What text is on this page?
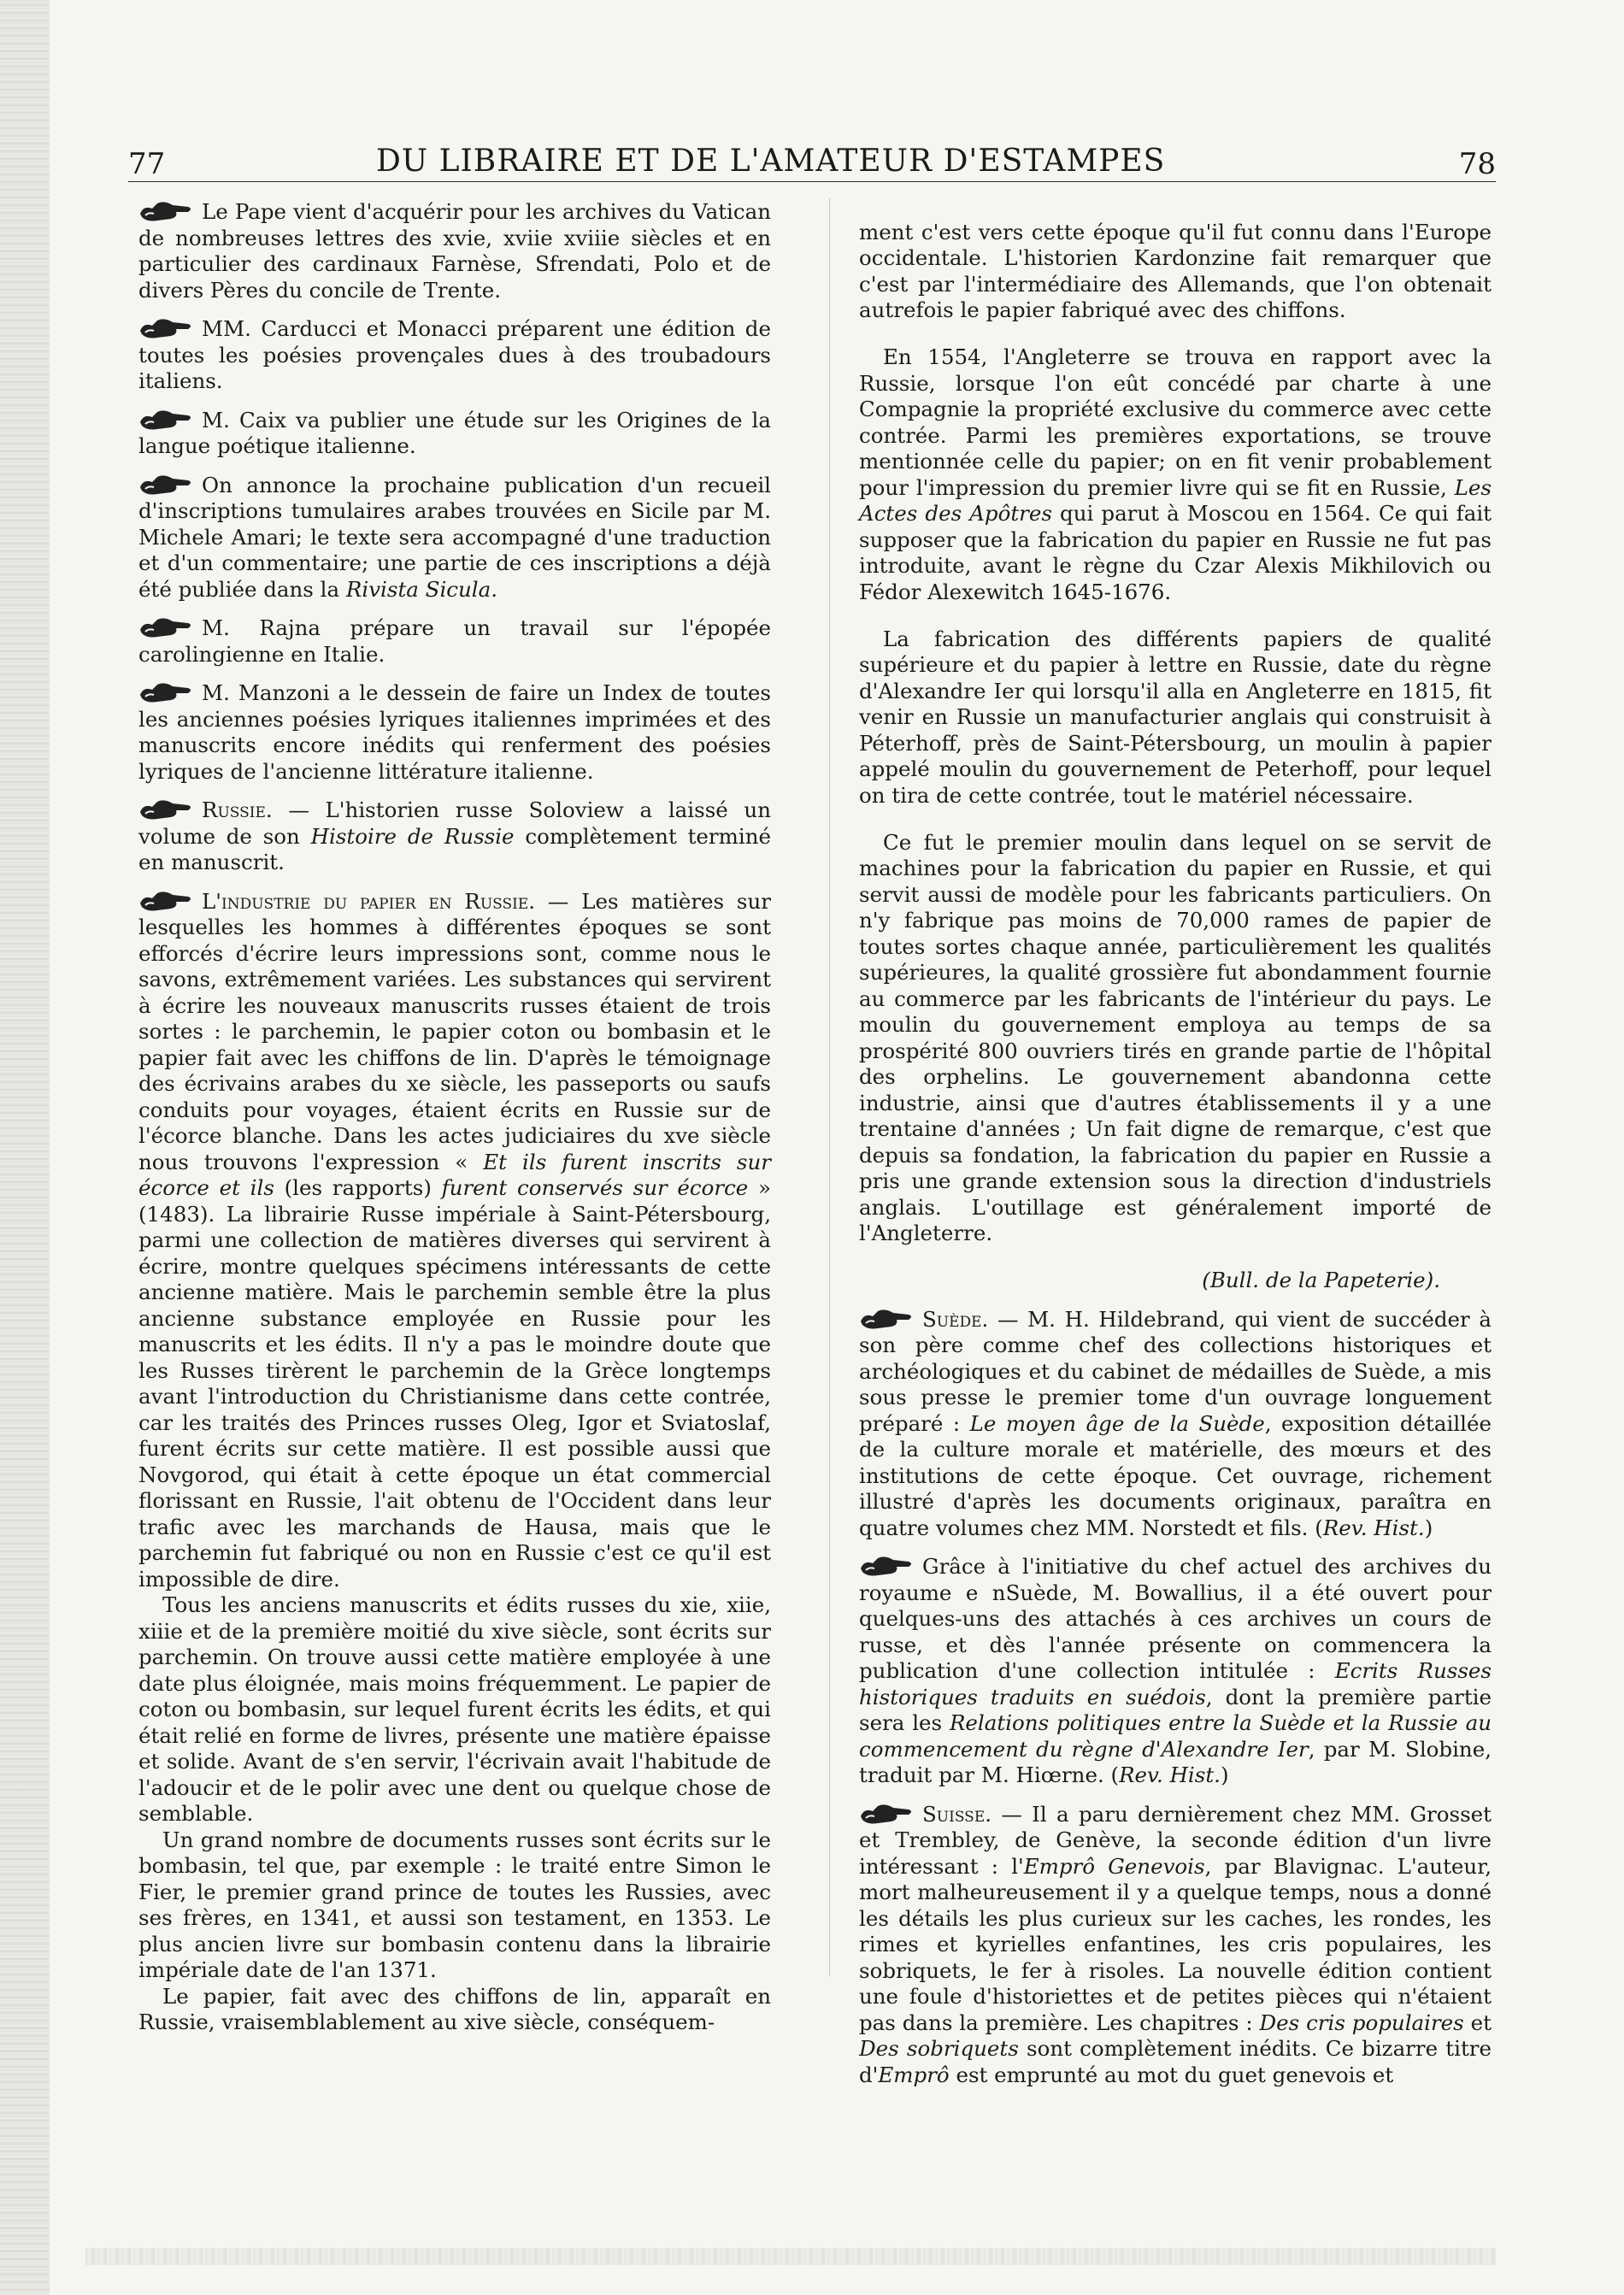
77	DU LIBRAIRE ET DE L'AMATEUR D'ESTAMPES	78

Le Pape vient d'acquérir pour les archives du Vatican de nombreuses lettres des xvie, xviie xviiie siècles et en particulier des cardinaux Farnèse, Sfrendati, Polo et de divers Pères du concile de Trente.

MM. Carducci et Monacci préparent une édition de toutes les poésies provençales dues à des troubadours italiens.

M. Caix va publier une étude sur les Origines de la langue poétique italienne.

On annonce la prochaine publication d'un recueil d'inscriptions tumulaires arabes trouvées en Sicile par M. Michele Amari; le texte sera accompagné d'une traduction et d'un commentaire; une partie de ces inscriptions a déjà été publiée dans la Rivista Sicula.

M. Rajna prépare un travail sur l'épopée carolingienne en Italie.

M. Manzoni a le dessein de faire un Index de toutes les anciennes poésies lyriques italiennes imprimées et des manuscrits encore inédits qui renferment des poésies lyriques de l'ancienne littérature italienne.

Russie. — L'historien russe Soloview a laissé un volume de son Histoire de Russie complètement terminé en manuscrit.

L'industrie du papier en Russie. — Les matières sur lesquelles les hommes à différentes époques se sont efforcés d'écrire leurs impressions sont, comme nous le savons, extrêmement variées. Les substances qui servirent à écrire les nouveaux manuscrits russes étaient de trois sortes : le parchemin, le papier coton ou bombasin et le papier fait avec les chiffons de lin. D'après le témoignage des écrivains arabes du xe siècle, les passeports ou saufs conduits pour voyages, étaient écrits en Russie sur de l'écorce blanche. Dans les actes judiciaires du xve siècle nous trouvons l'expression « Et ils furent inscrits sur écorce et ils (les rapports) furent conservés sur écorce » (1483). La librairie Russe impériale à Saint-Pétersbourg, parmi une collection de matières diverses qui servirent à écrire, montre quelques spécimens intéressants de cette ancienne matière. Mais le parchemin semble être la plus ancienne substance employée en Russie pour les manuscrits et les édits. Il n'y a pas le moindre doute que les Russes tirèrent le parchemin de la Grèce longtemps avant l'introduction du Christianisme dans cette contrée, car les traités des Princes russes Oleg, Igor et Sviatoslaf, furent écrits sur cette matière. Il est possible aussi que Novgorod, qui était à cette époque un état commercial florissant en Russie, l'ait obtenu de l'Occident dans leur trafic avec les marchands de Hausa, mais que le parchemin fut fabriqué ou non en Russie c'est ce qu'il est impossible de dire.

Tous les anciens manuscrits et édits russes du xie, xiie, xiiie et de la première moitié du xive siècle, sont écrits sur parchemin. On trouve aussi cette matière employée à une date plus éloignée, mais moins fréquemment. Le papier de coton ou bombasin, sur lequel furent écrits les édits, et qui était relié en forme de livres, présente une matière épaisse et solide. Avant de s'en servir, l'écrivain avait l'habitude de l'adoucir et de le polir avec une dent ou quelque chose de semblable.

Un grand nombre de documents russes sont écrits sur le bombasin, tel que, par exemple : le traité entre Simon le Fier, le premier grand prince de toutes les Russies, avec ses frères, en 1341, et aussi son testament, en 1353. Le plus ancien livre sur bombasin contenu dans la librairie impériale date de l'an 1371.

Le papier, fait avec des chiffons de lin, apparaît en Russie, vraisemblablement au xive siècle, conséquem-

ment c'est vers cette époque qu'il fut connu dans l'Europe occidentale. L'historien Kardonzine fait remarquer que c'est par l'intermédiaire des Allemands, que l'on obtenait autrefois le papier fabriqué avec des chiffons.

En 1554, l'Angleterre se trouva en rapport avec la Russie, lorsque l'on eût concédé par charte à une Compagnie la propriété exclusive du commerce avec cette contrée. Parmi les premières exportations, se trouve mentionnée celle du papier; on en fit venir probablement pour l'impression du premier livre qui se fit en Russie, Les Actes des Apôtres qui parut à Moscou en 1564. Ce qui fait supposer que la fabrication du papier en Russie ne fut pas introduite, avant le règne du Czar Alexis Mikhilovich ou Fédor Alexewitch 1645-1676.

La fabrication des différents papiers de qualité supérieure et du papier à lettre en Russie, date du règne d'Alexandre Ier qui lorsqu'il alla en Angleterre en 1815, fit venir en Russie un manufacturier anglais qui construisit à Péterhoff, près de Saint-Pétersbourg, un moulin à papier appelé moulin du gouvernement de Peterhoff, pour lequel on tira de cette contrée, tout le matériel nécessaire.

Ce fut le premier moulin dans lequel on se servit de machines pour la fabrication du papier en Russie, et qui servit aussi de modèle pour les fabricants particuliers. On n'y fabrique pas moins de 70,000 rames de papier de toutes sortes chaque année, particulièrement les qualités supérieures, la qualité grossière fut abondamment fournie au commerce par les fabricants de l'intérieur du pays. Le moulin du gouvernement employa au temps de sa prospérité 800 ouvriers tirés en grande partie de l'hôpital des orphelins. Le gouvernement abandonna cette industrie, ainsi que d'autres établissements il y a une trentaine d'années ; Un fait digne de remarque, c'est que depuis sa fondation, la fabrication du papier en Russie a pris une grande extension sous la direction d'industriels anglais. L'outillage est généralement importé de l'Angleterre.

(Bull. de la Papeterie).

Suède. — M. H. Hildebrand, qui vient de succéder à son père comme chef des collections historiques et archéologiques et du cabinet de médailles de Suède, a mis sous presse le premier tome d'un ouvrage longuement préparé : Le moyen âge de la Suède, exposition détaillée de la culture morale et matérielle, des mœurs et des institutions de cette époque. Cet ouvrage, richement illustré d'après les documents originaux, paraîtra en quatre volumes chez MM. Norstedt et fils. (Rev. Hist.)

Grâce à l'initiative du chef actuel des archives du royaume e nSuède, M. Bowallius, il a été ouvert pour quelques-uns des attachés à ces archives un cours de russe, et dès l'année présente on commencera la publication d'une collection intitulée : Ecrits Russes historiques traduits en suédois, dont la première partie sera les Relations politiques entre la Suède et la Russie au commencement du règne d'Alexandre Ier, par M. Slobine, traduit par M. Hiœrne. (Rev. Hist.)

Suisse. — Il a paru dernièrement chez MM. Grosset et Trembley, de Genève, la seconde édition d'un livre intéressant : l'Emprô Genevois, par Blavignac. L'auteur, mort malheureusement il y a quelque temps, nous a donné les détails les plus curieux sur les caches, les rondes, les rimes et kyrielles enfantines, les cris populaires, les sobriquets, le fer à risoles. La nouvelle édition contient une foule d'historiettes et de petites pièces qui n'étaient pas dans la première. Les chapitres : Des cris populaires et Des sobriquets sont complètement inédits. Ce bizarre titre d'Emprô est emprunté au mot du guet genevois et
